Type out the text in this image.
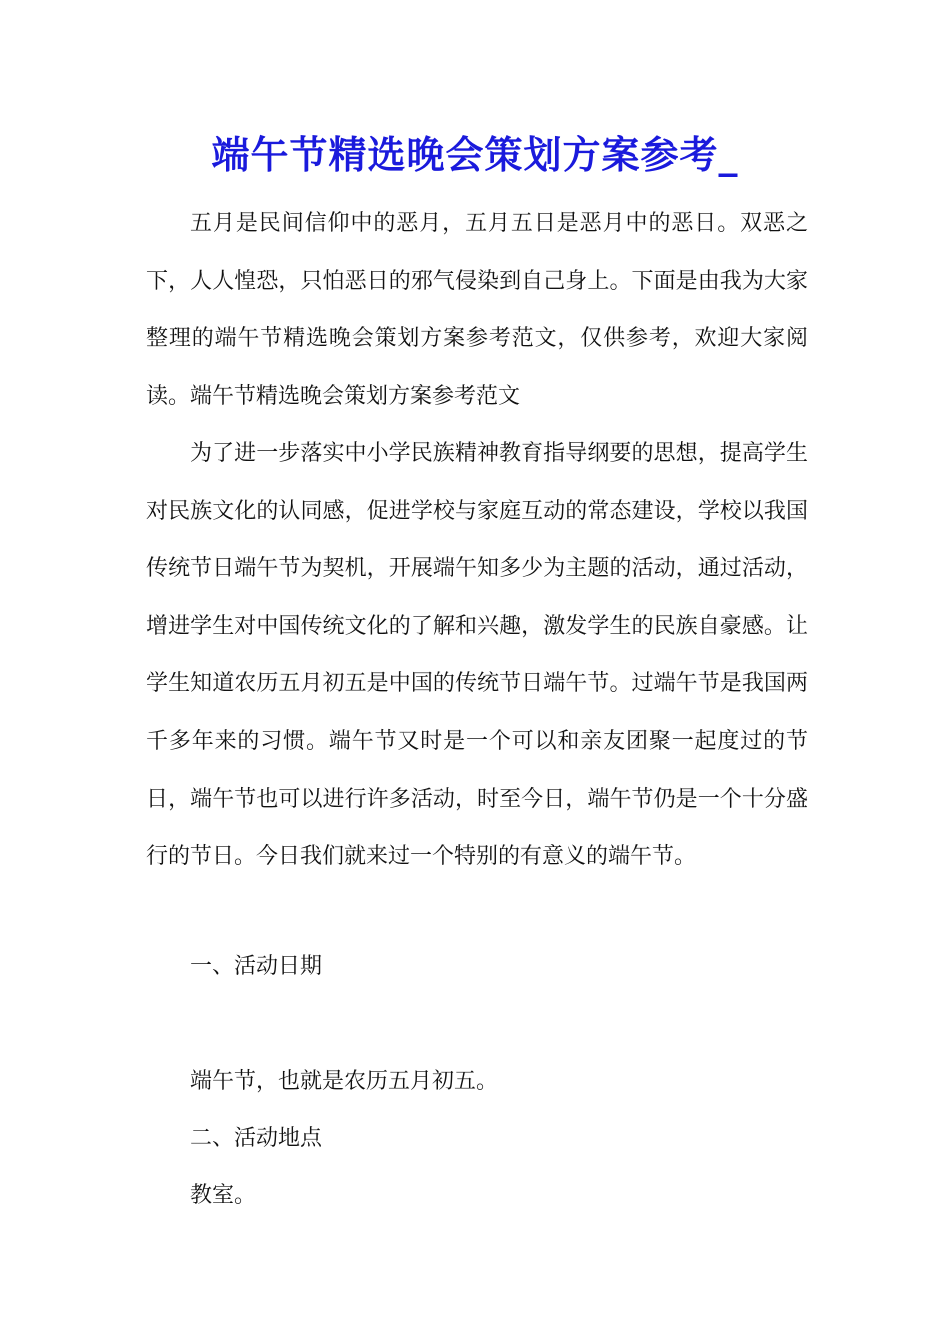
端午节精选晚会策划方案参考_

五月是民间信仰中的恶月，五月五日是恶月中的恶日。双恶之下，人人惶恐，只怕恶日的邪气侵染到自己身上。下面是由我为大家整理的端午节精选晚会策划方案参考范文，仅供参考，欢迎大家阅读。端午节精选晚会策划方案参考范文

为了进一步落实中小学民族精神教育指导纲要的思想，提高学生对民族文化的认同感，促进学校与家庭互动的常态建设，学校以我国传统节日端午节为契机，开展端午知多少为主题的活动，通过活动，增进学生对中国传统文化的了解和兴趣，激发学生的民族自豪感。让学生知道农历五月初五是中国的传统节日端午节。过端午节是我国两千多年来的习惯。端午节又时是一个可以和亲友团聚一起度过的节日，端午节也可以进行许多活动，时至今日，端午节仍是一个十分盛行的节日。今日我们就来过一个特别的有意义的端午节。

一、活动日期
端午节，也就是农历五月初五。
二、活动地点
教室。
